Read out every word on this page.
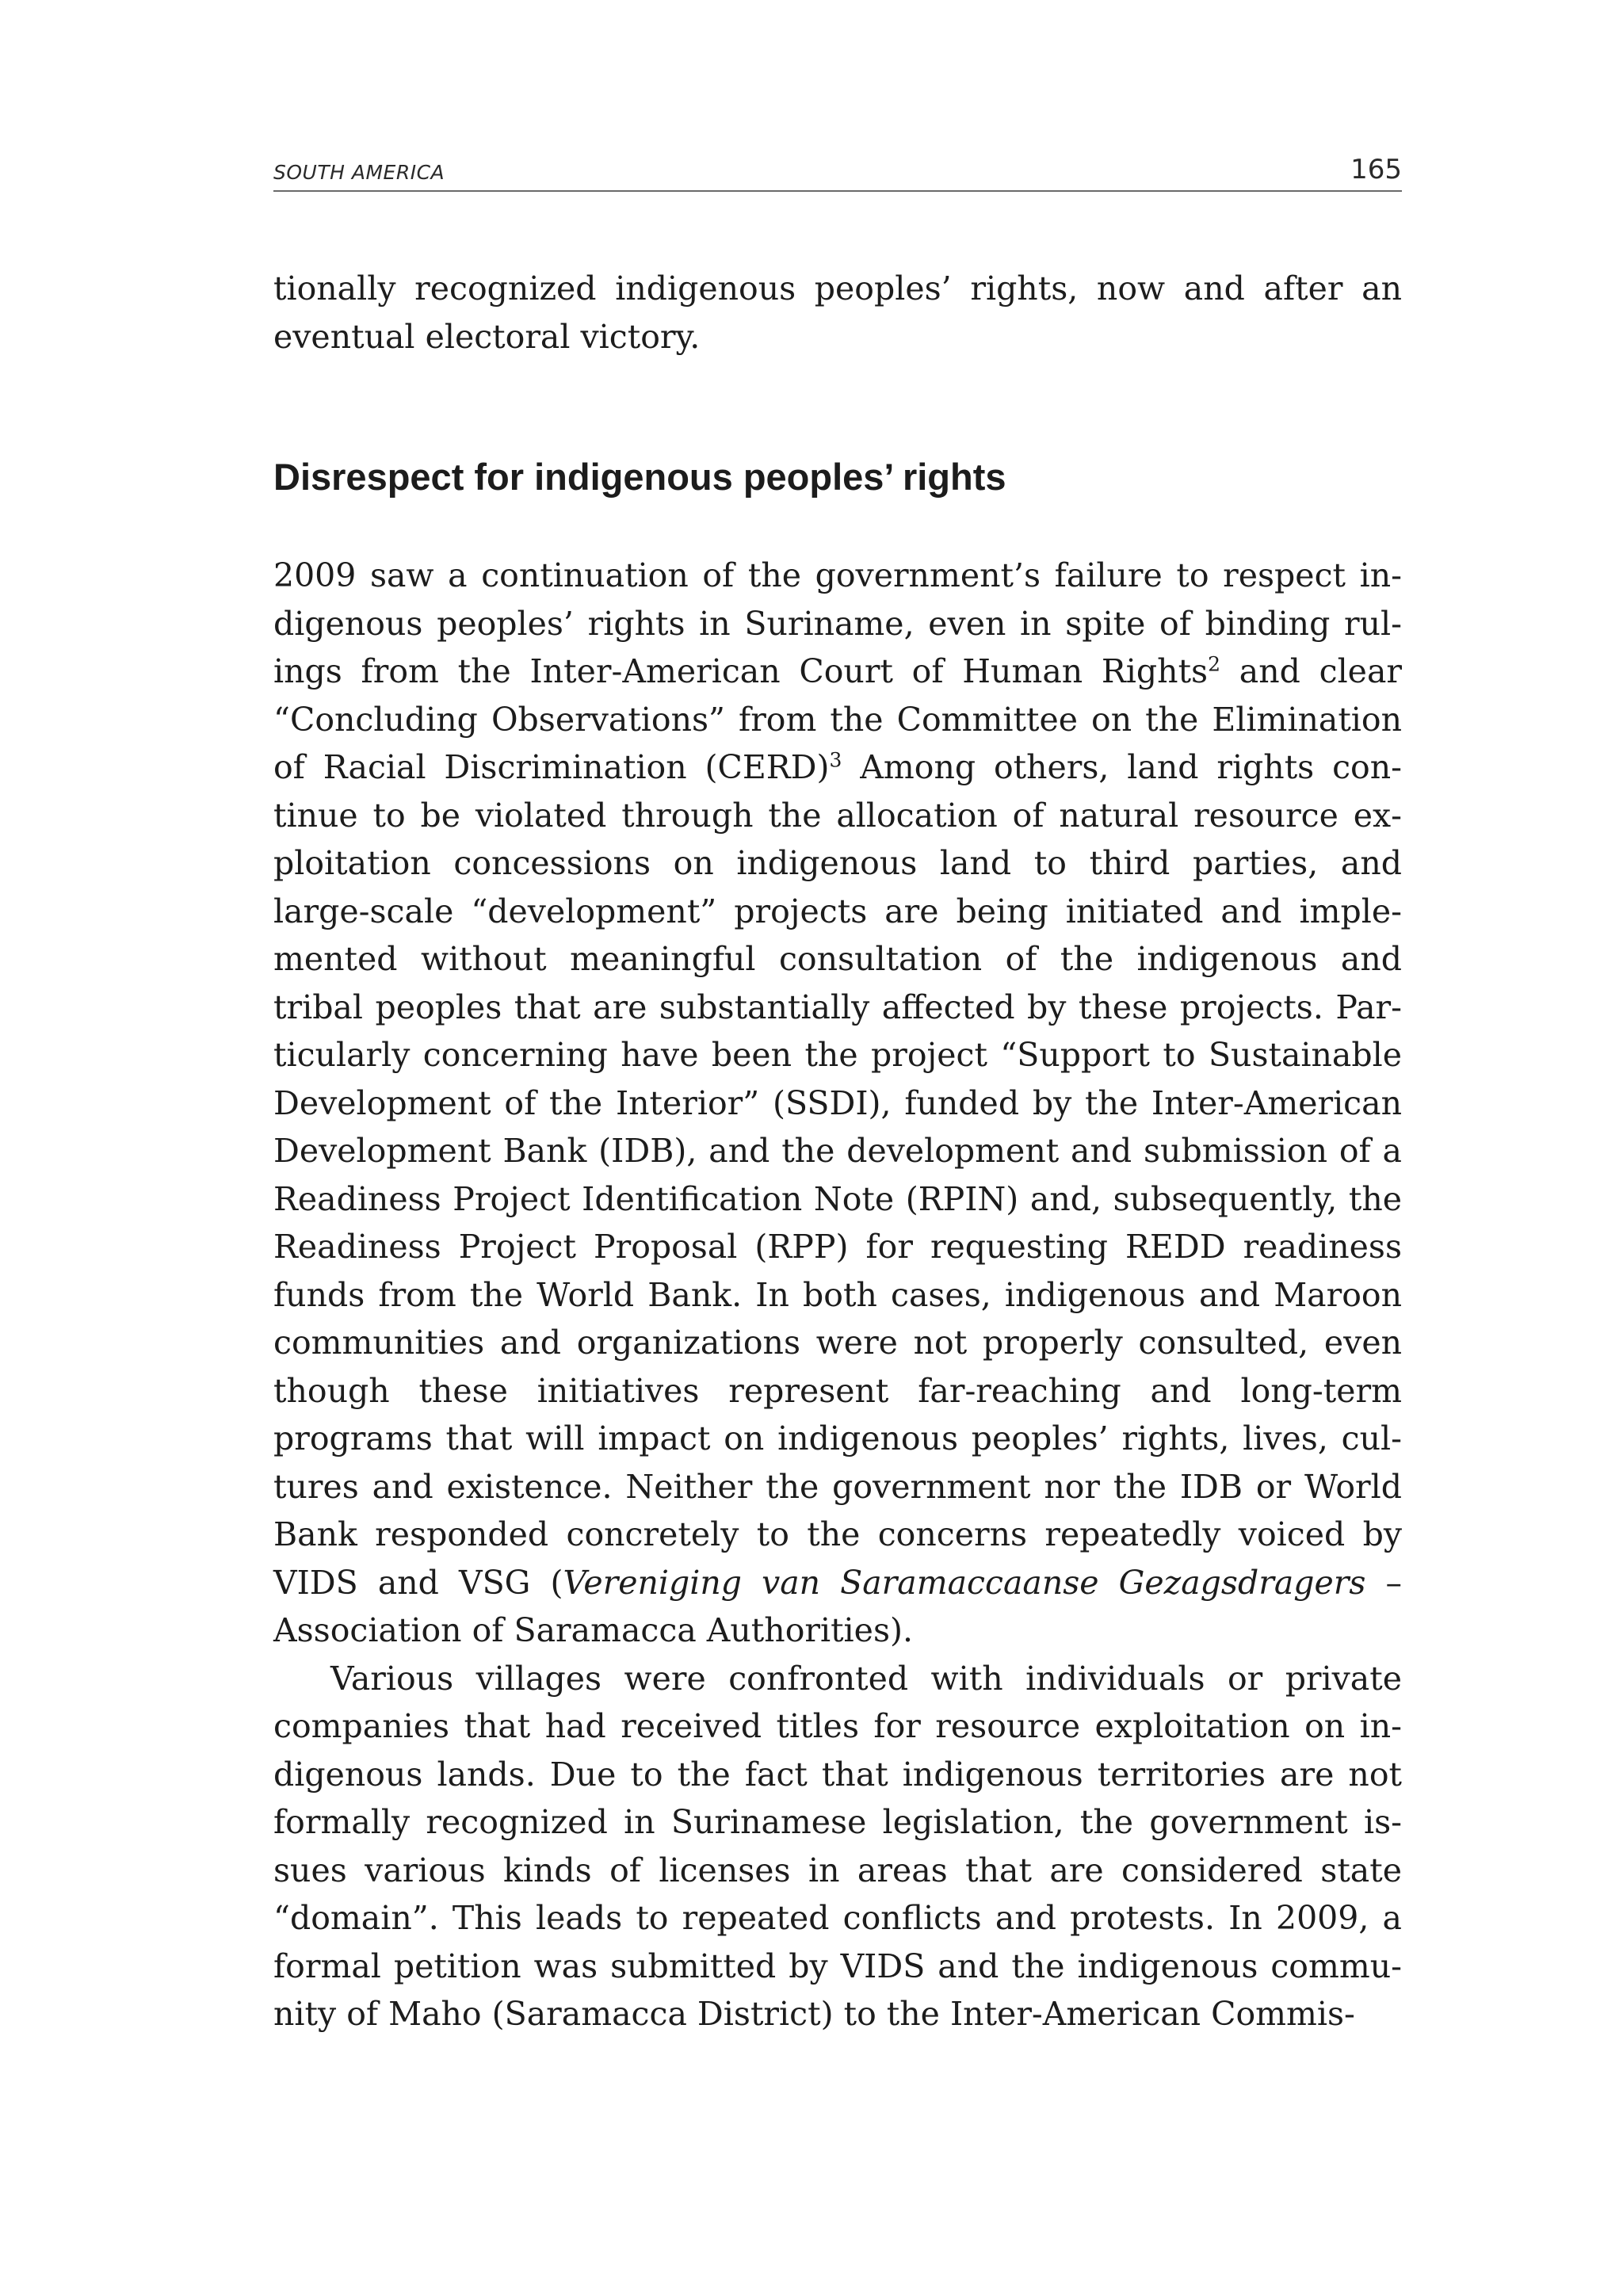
SOUTH AMERICA	165

tionally recognized indigenous peoples’ rights, now and after an eventual electoral victory.

Disrespect for indigenous peoples’ rights

2009 saw a continuation of the government’s failure to respect indigenous peoples’ rights in Suriname, even in spite of binding rulings from the Inter-American Court of Human Rights$^2$ and clear “Concluding Observations” from the Committee on the Elimination of Racial Discrimination (CERD)$^3$ Among others, land rights continue to be violated through the allocation of natural resource exploitation concessions on indigenous land to third parties, and large-scale “development” projects are being initiated and implemented without meaningful consultation of the indigenous and tribal peoples that are substantially affected by these projects. Particularly concerning have been the project “Support to Sustainable Development of the Interior” (SSDI), funded by the Inter-American Development Bank (IDB), and the development and submission of a Readiness Project Identification Note (RPIN) and, subsequently, the Readiness Project Proposal (RPP) for requesting REDD readiness funds from the World Bank. In both cases, indigenous and Maroon communities and organizations were not properly consulted, even though these initiatives represent far-reaching and long-term programs that will impact on indigenous peoples’ rights, lives, cultures and existence. Neither the government nor the IDB or World Bank responded concretely to the concerns repeatedly voiced by VIDS and VSG (Vereniging van Saramaccaanse Gezagsdragers – Association of Saramacca Authorities).

Various villages were confronted with individuals or private companies that had received titles for resource exploitation on indigenous lands. Due to the fact that indigenous territories are not formally recognized in Surinamese legislation, the government issues various kinds of licenses in areas that are considered state “domain”. This leads to repeated conflicts and protests. In 2009, a formal petition was submitted by VIDS and the indigenous community of Maho (Saramacca District) to the Inter-American Commis-
